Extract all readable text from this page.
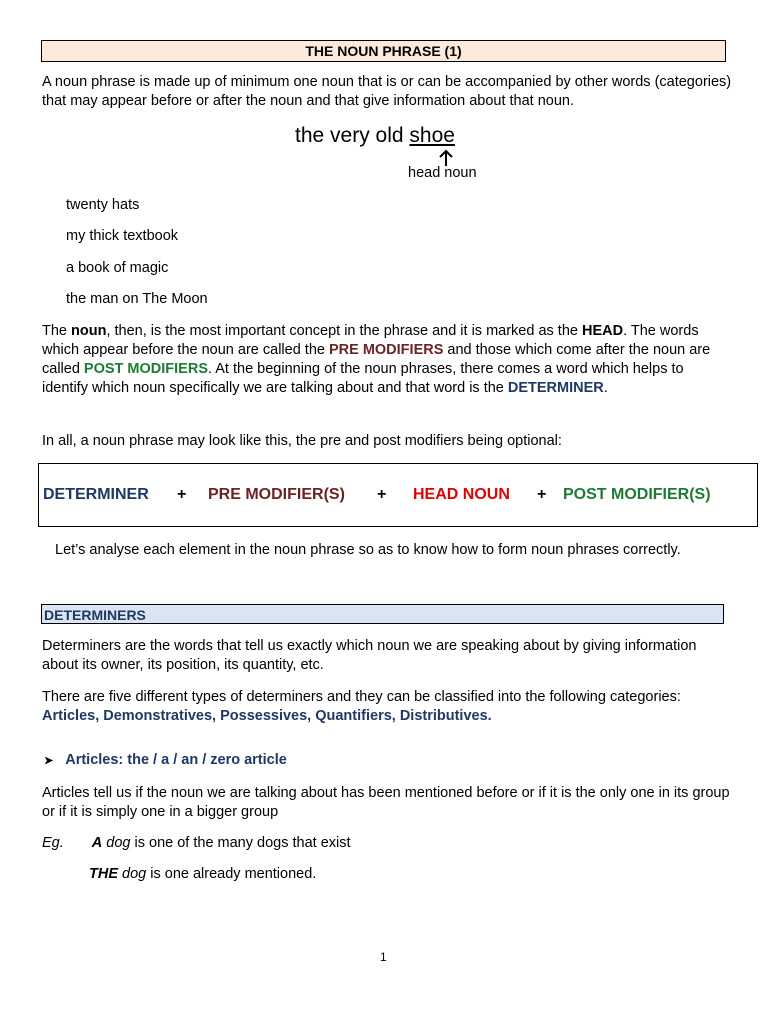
THE NOUN PHRASE (1)

A noun phrase is made up of minimum one noun that is or can be accompanied by other words (categories) that may appear before or after the noun and that give information about that noun.

the very old shoe
head noun
twenty hats
my thick textbook
a book of magic
the man on The Moon

The noun, then, is the most important concept in the phrase and it is marked as the HEAD. The words which appear before the noun are called the PRE MODIFIERS and those which come after the noun are called POST MODIFIERS. At the beginning of the noun phrases, there comes a word which helps to identify which noun specifically we are talking about and that word is the DETERMINER.

In all, a noun phrase may look like this, the pre and post modifiers being optional:

DETERMINER + PRE MODIFIER(S) + HEAD NOUN + POST MODIFIER(S)

Let’s analyse each element in the noun phrase so as to know how to form noun phrases correctly.

DETERMINERS

Determiners are the words that tell us exactly which noun we are speaking about by giving information about its owner, its position, its quantity, etc.

There are five different types of determiners and they can be classified into the following categories:
Articles, Demonstratives, Possessives, Quantifiers, Distributives.

➤ Articles: the / a / an / zero article

Articles tell us if the noun we are talking about has been mentioned before or if it is the only one in its group or if it is simply one in a bigger group

Eg. A dog is one of the many dogs that exist
THE dog is one already mentioned.
1
